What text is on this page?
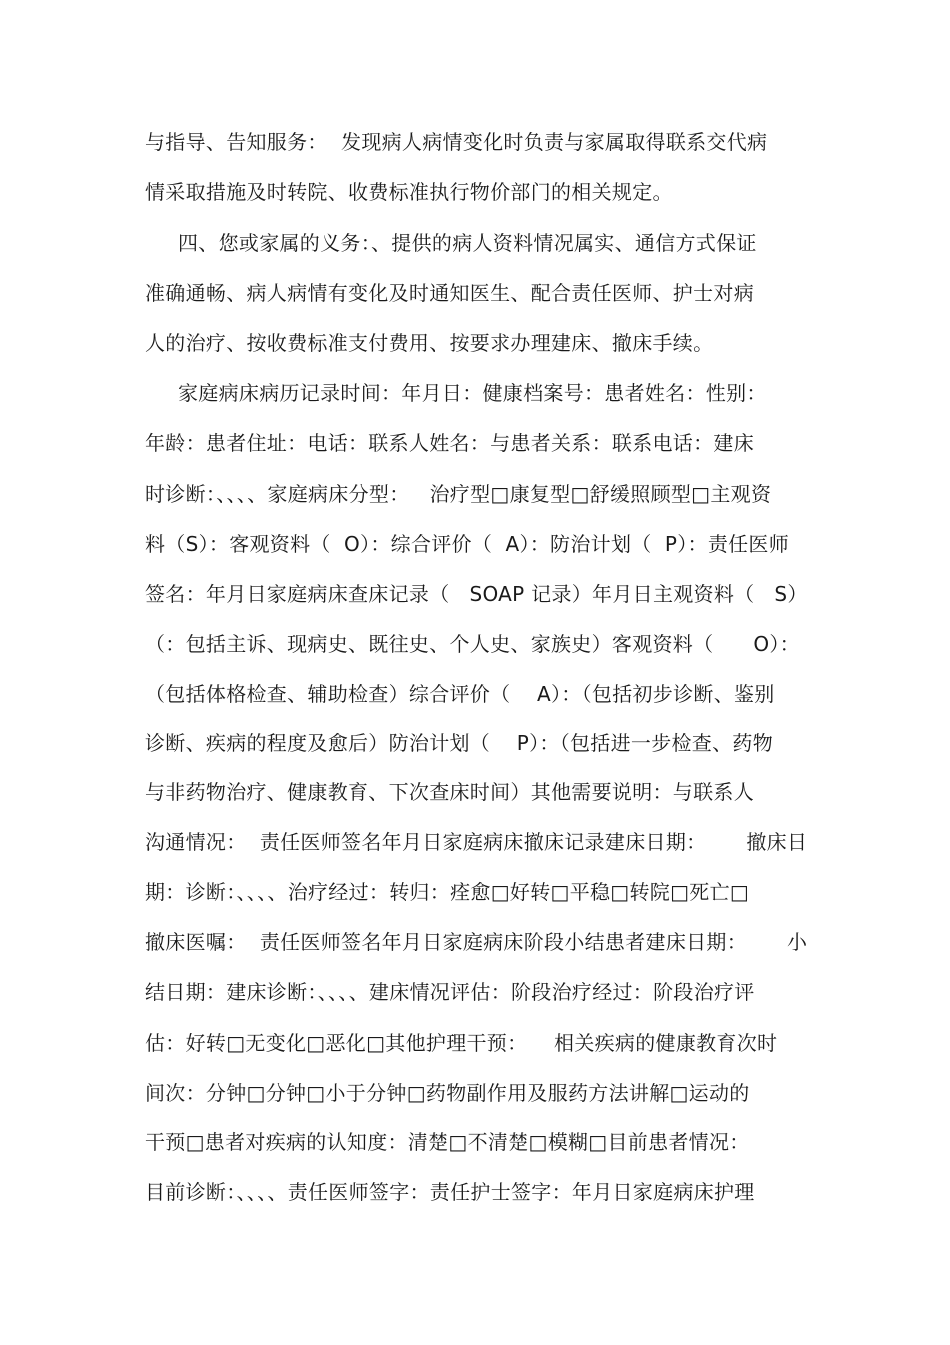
与指导、告知服务：  发现病人病情变化时负责与家属取得联系交代病
情采取措施及时转院、收费标准执行物价部门的相关规定。
四、您或家属的义务：、提供的病人资料情况属实、通信方式保证
准确通畅、病人病情有变化及时通知医生、配合责任医师、护士对病
人的治疗、按收费标准支付费用、按要求办理建床、撤床手续。
家庭病床病历记录时间：年月日：健康档案号：患者姓名：性别：
年龄：患者住址：电话：联系人姓名：与患者关系：联系电话：建床
时诊断：、、、、家庭病床分型：   治疗型□康复型□舒缓照顾型□主观资
料（S）：客观资料（  O）：综合评价（  A）：防治计划（  P）：责任医师
签名：年月日家庭病床查床记录（   SOAP 记录）年月日主观资料（   S）
（：包括主诉、现病史、既往史、个人史、家族史）客观资料（      O）：
（包括体格检查、辅助检查）综合评价（    A）：（包括初步诊断、鉴别
诊断、疾病的程度及愈后）防治计划（    P）：（包括进一步检查、药物
与非药物治疗、健康教育、下次查床时间）其他需要说明：与联系人
沟通情况：  责任医师签名年月日家庭病床撤床记录建床日期：      撤床日
期：诊断：、、、、治疗经过：转归：痊愈□好转□平稳□转院□死亡□
撤床医嘱：  责任医师签名年月日家庭病床阶段小结患者建床日期：      小
结日期：建床诊断：、、、、建床情况评估：阶段治疗经过：阶段治疗评
估：好转□无变化□恶化□其他护理干预：    相关疾病的健康教育次时
间次：分钟□分钟□小于分钟□药物副作用及服药方法讲解□运动的
干预□患者对疾病的认知度：清楚□不清楚□模糊□目前患者情况：
目前诊断：、、、、责任医师签字：责任护士签字：年月日家庭病床护理
